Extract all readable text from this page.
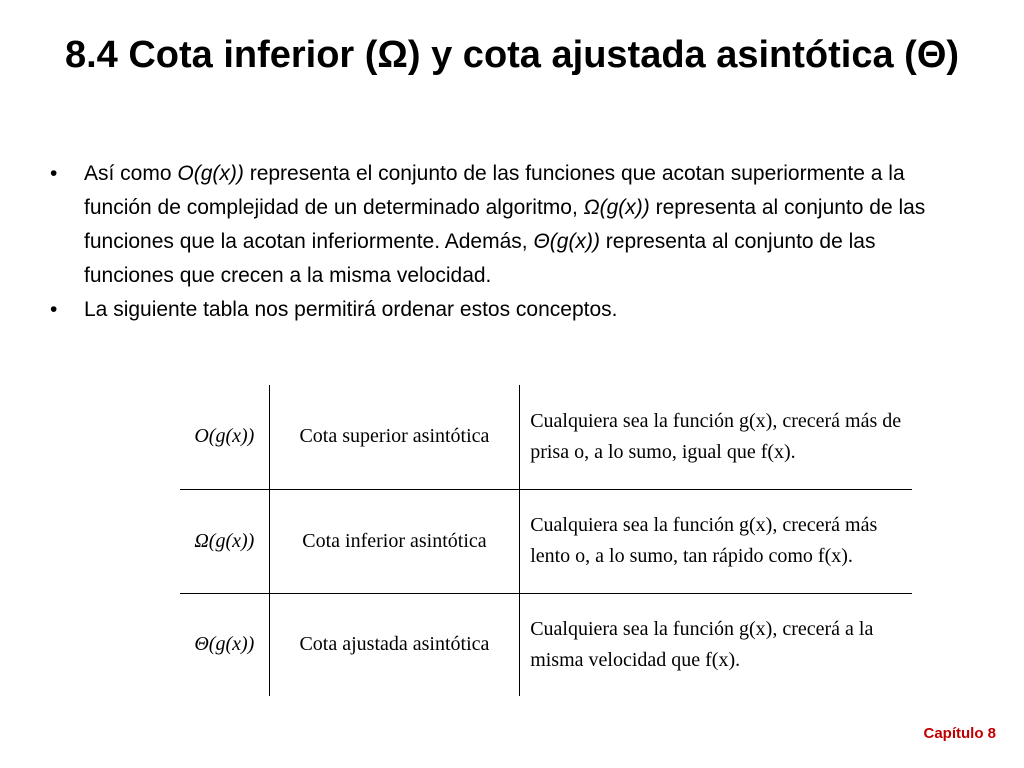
8.4 Cota inferior (Ω) y cota ajustada asintótica (Θ)
•	Así como O(g(x)) representa el conjunto de las funciones que acotan superiormente a la función de complejidad de un determinado algoritmo, Ω(g(x)) representa al conjunto de las funciones que la acotan inferiormente. Además, Θ(g(x)) representa al conjunto de las funciones que crecen a la misma velocidad.
•	La siguiente tabla nos permitirá ordenar estos conceptos.
O(g(x))	Cota superior asintótica	Cualquiera sea la función g(x), crecerá más de prisa o, a lo sumo, igual que f(x).
Ω(g(x))	Cota inferior asintótica	Cualquiera sea la función g(x), crecerá más lento o, a lo sumo, tan rápido como f(x).
Θ(g(x))	Cota ajustada asintótica	Cualquiera sea la función g(x), crecerá a la misma velocidad que f(x).
Capítulo 8
